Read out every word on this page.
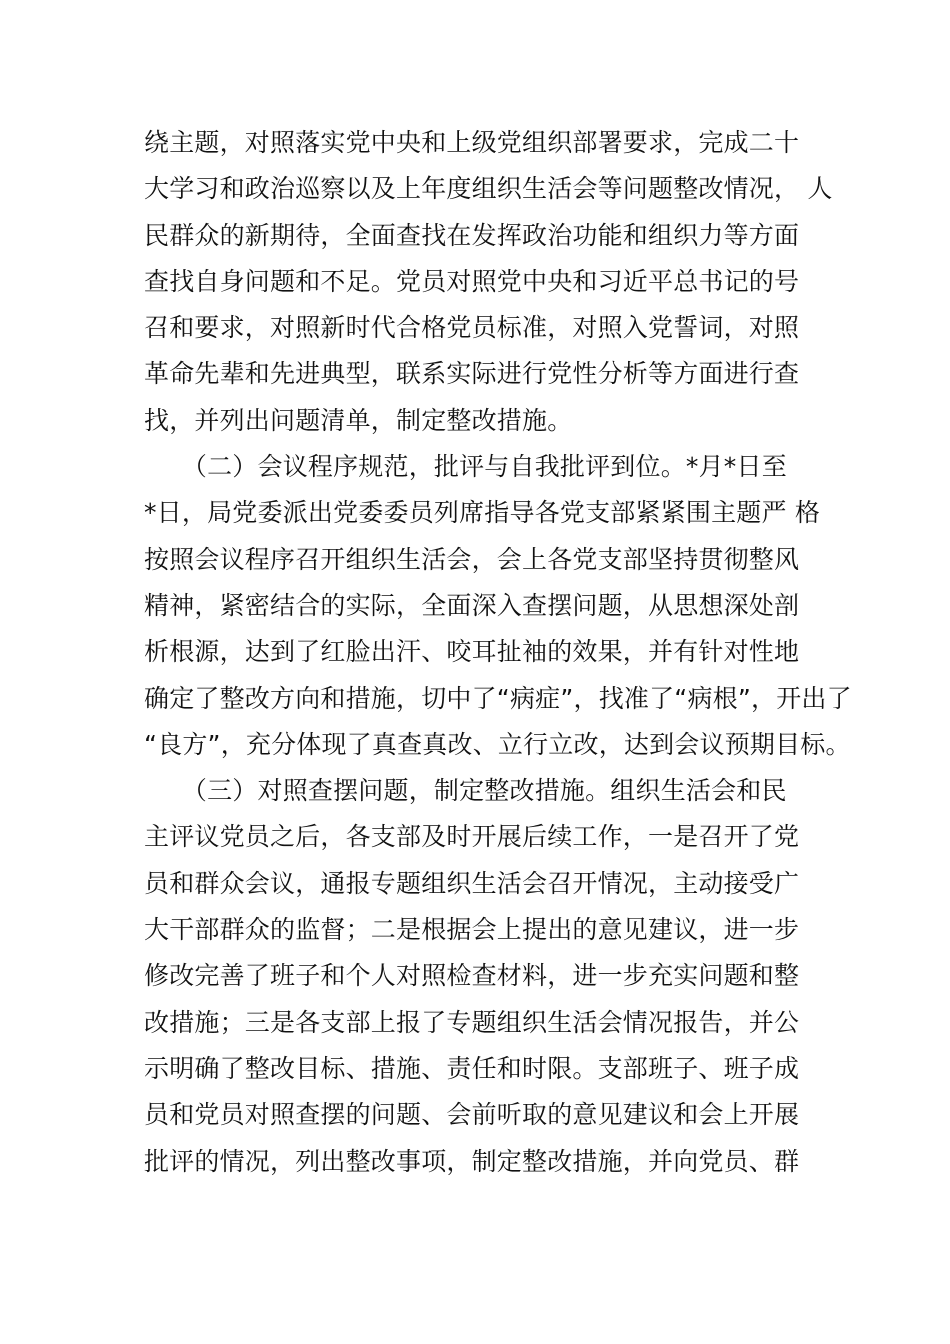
绕主题，对照落实党中央和上级党组织部署要求，完成二十
大学习和政治巡察以及上年度组织生活会等问题整改情况， 人
民群众的新期待，全面查找在发挥政治功能和组织力等方面
查找自身问题和不足。党员对照党中央和习近平总书记的号
召和要求，对照新时代合格党员标准，对照入党誓词，对照
革命先辈和先进典型，联系实际进行党性分析等方面进行查
找，并列出问题清单，制定整改措施。
　　（二）会议程序规范，批评与自我批评到位。*月*日至
*日，局党委派出党委委员列席指导各党支部紧紧围主题严 格
按照会议程序召开组织生活会，会上各党支部坚持贯彻整风
精神，紧密结合的实际，全面深入查摆问题，从思想深处剖
析根源，达到了红脸出汗、咬耳扯袖的效果，并有针对性地
确定了整改方向和措施，切中了“病症”，找准了“病根”，开出了
“良方”，充分体现了真查真改、立行立改，达到会议预期目标。
　　（三）对照查摆问题，制定整改措施。组织生活会和民
主评议党员之后，各支部及时开展后续工作，一是召开了党
员和群众会议，通报专题组织生活会召开情况，主动接受广
大干部群众的监督；二是根据会上提出的意见建议，进一步
修改完善了班子和个人对照检查材料，进一步充实问题和整
改措施；三是各支部上报了专题组织生活会情况报告，并公
示明确了整改目标、措施、责任和时限。支部班子、班子成
员和党员对照查摆的问题、会前听取的意见建议和会上开展
批评的情况，列出整改事项，制定整改措施，并向党员、群
